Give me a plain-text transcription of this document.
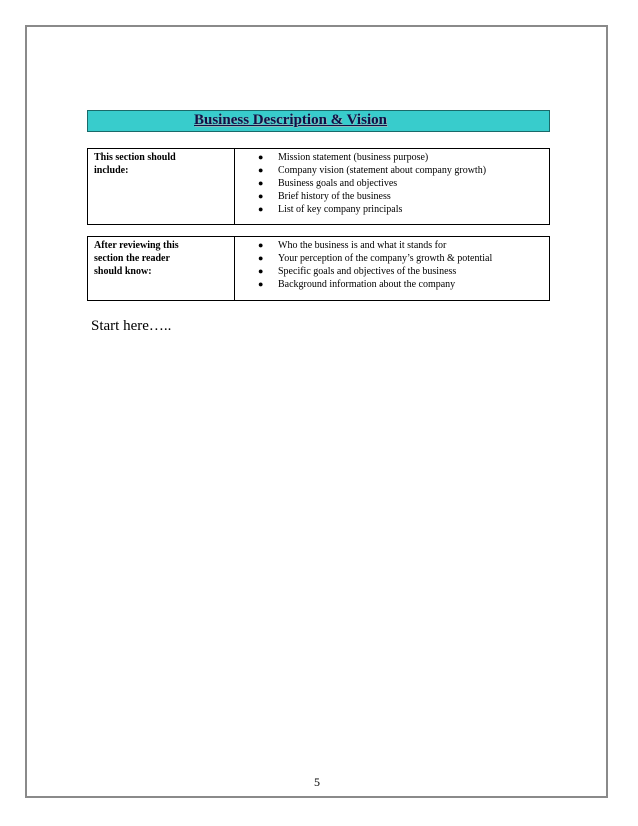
Business Description & Vision
This section should
include:
● Mission statement (business purpose)
● Company vision (statement about company growth)
● Business goals and objectives
● Brief history of the business
● List of key company principals
After reviewing this
section the reader
should know:
● Who the business is and what it stands for
● Your perception of the company’s growth & potential
● Specific goals and objectives of the business
● Background information about the company
Start here…..
5
